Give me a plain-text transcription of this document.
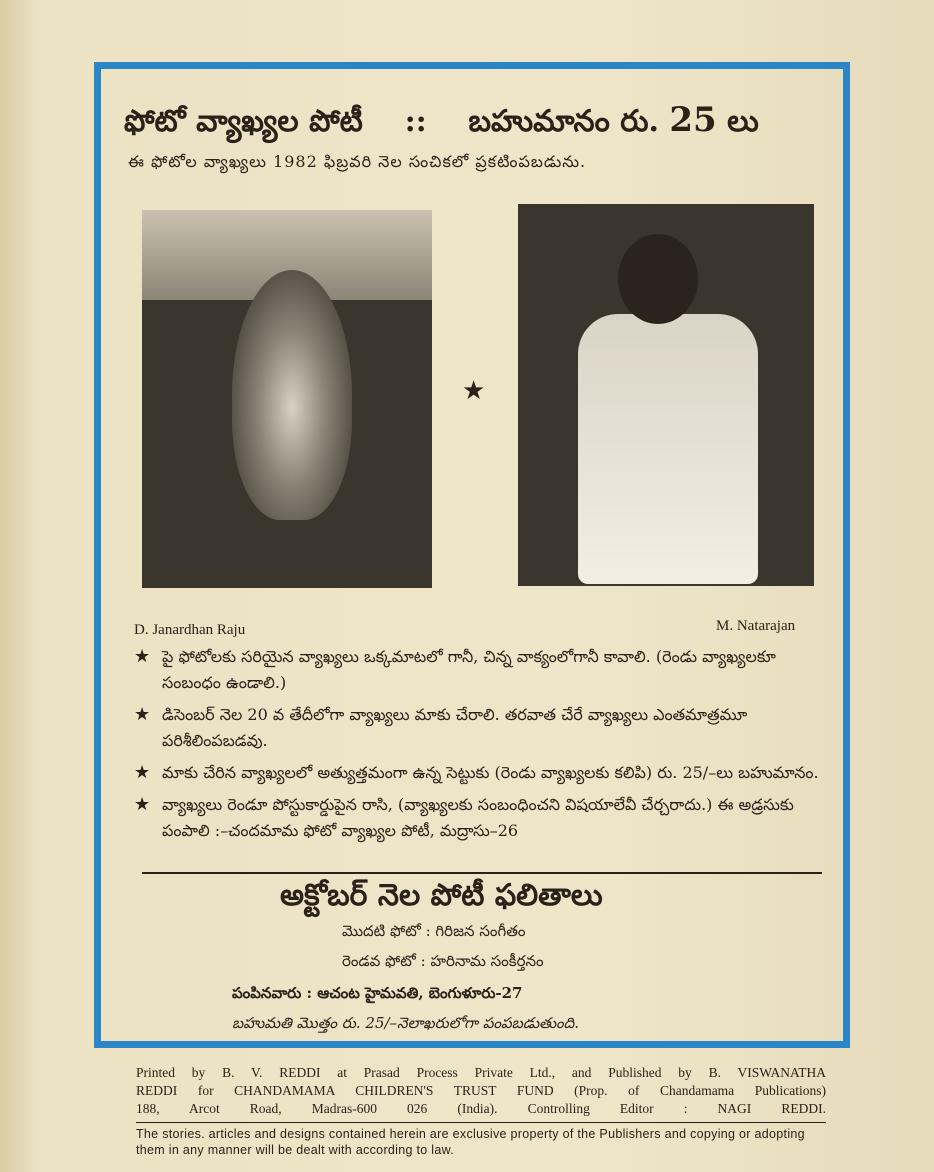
ఫోటో వ్యాఖ్యల పోటీ :: బహుమానం రు. 25 లు
ఈ ఫోటోల వ్యాఖ్యలు 1982 ఫిబ్రవరి నెల సంచికలో ప్రకటింపబడును.
★
D. Janardhan Raju	M. Natarajan
★ పై ఫోటోలకు సరియైన వ్యాఖ్యలు ఒక్కమాటలో గానీ, చిన్న వాక్యంలోగానీ కావాలి. (రెండు వ్యాఖ్యలకూ సంబంధం ఉండాలి.)
★ డిసెంబర్ నెల 20 వ తేదీలోగా వ్యాఖ్యలు మాకు చేరాలి. తరవాత చేరే వ్యాఖ్యలు ఎంతమాత్రమూ పరిశీలింపబడవు.
★ మాకు చేరిన వ్యాఖ్యలలో అత్యుత్తమంగా ఉన్న సెట్టుకు (రెండు వ్యాఖ్యలకు కలిపి) రు. 25/–లు బహుమానం.
★ వ్యాఖ్యలు రెండూ పోస్టుకార్డుపైన రాసి, (వ్యాఖ్యలకు సంబంధించని విషయాలేవీ చేర్చరాదు.) ఈ అడ్రసుకు పంపాలి :–చందమామ ఫోటో వ్యాఖ్యల పోటీ, మద్రాసు–26
అక్టోబర్ నెల పోటీ ఫలితాలు
మొదటి ఫోటో : గిరిజన సంగీతం
రెండవ ఫోటో : హరినామ సంకీర్తనం
పంపినవారు : ఆచంట హైమవతి, బెంగుళూరు-27
బహుమతి మొత్తం రు. 25/–నెలాఖరులోగా పంపబడుతుంది.
Printed by B. V. REDDI at Prasad Process Private Ltd., and Published by B. VISWANATHA
REDDI for CHANDAMAMA CHILDREN'S TRUST FUND (Prop. of Chandamama Publications)
188, Arcot Road, Madras-600 026 (India). Controlling Editor : NAGI REDDI.
The stories. articles and designs contained herein are exclusive property of the Publishers and copying or adopting them in any manner will be dealt with according to law.
